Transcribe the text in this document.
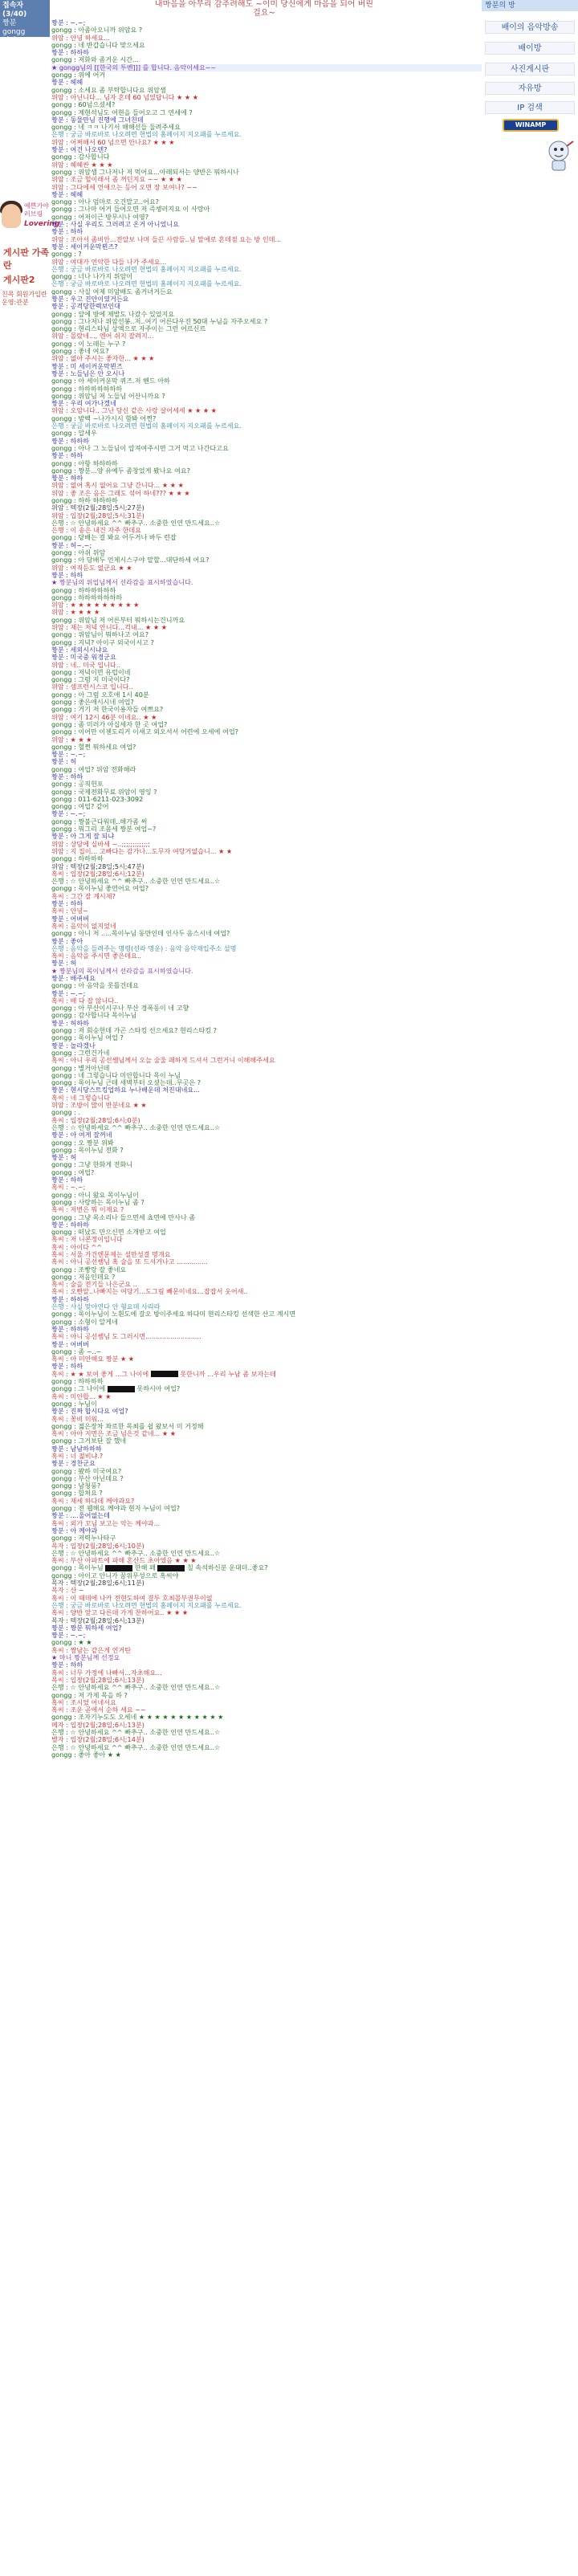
접속자(3/40)
짱분
gongg
위암
예쁜가야 러브링
Lovering
게시판 가족란
게시판2
친목 회원가입란
운영:관분
내마음을 아무리 감추려해도 ~이미 당신에게 마음을 되어 버린
걸요~
짱분 : ~.~;
gongg : 아좀아오니까 위암요 ?
위암 : 안녕 하세요...
gongg : 네 반갑습니다 맞으세요
짱분 : 하하하
gongg : 저화와 좀거운 시간...
★ gongg님의 [[한국의 투벤]]] 를 합니다. 음악이세요~~
gongg : 위에 어거
짱분 : 헤헤
gongg : 소세요 좀 부탁합니다요 위암샘
위암 : 아닌니다... 님자 혼데 60 넘었답니다 ★ ★ ★
gongg : 60넘으셨세?
gongg : 제현석님도 여현을 들어오고 그 연세에 ?
짱분 : 동물만님 진행에 그녀친데
gongg : 네 ㅋㅋ 나기서 해해선들 둘려주세요
은행 : 궁금 바로바로 나오려면 헌법의 홈페이지 지오패를 누르세요.
위암 : 어쩌해서 60 넘으면 안나요? ★ ★ ★
짱분 : 여건 나오텐?
gongg : 감사합니다
위암 : 헤헤싼 ★ ★ ★
gongg : 위암샘 그나저나 저 먹어요...아래되서는 양반은 뭐하시나
위암 : 조금 헐이래서 좀 꺼딘지요 ~~ ★ ★ ★
위암 : 그다에세 언애으는 등어 오면 장 보여나? ~~
짱분 : 헤헤
gongg : 아나 엄마로 오건말고..어요?
gongg : 그나마 어거 들어오면 저 즉챙러지요 이 사랑아
gongg : 어저이근 방무시나 여영?
짱분 : 사실 우리도 그러려고 온거 아니었니요
짱분 : 하하
위암 : 조아서 좀비안...전알보 나며 들끈 사람들..님 말에로 혼데점 요는 방 인데...
짱분 : 세이커운막뵌즈?
gongg : ?
위암 : 여대가 언악한 다들 나가 주세요...
은행 : 궁금 바로바로 나오려면 헌법의 홈페이지 지오패를 누르세요.
gongg : 너나 나가지 위암이
은행 : 궁금 바로바로 나오려면 헌법의 홈페이지 지오패를 누르세요.
gongg : 사실 여제 미암배도 좀거녀거든요
짱분 : 우고 진안이였거든요
짱분 : 공격당한렉보인대
gongg : 앞에 방에 제발도 나갔수 있었지요
gongg : 그나저나 위암선봉..저..여기 어른다우진 50대 누님을 자주오세요 ?
gongg : 현리스타님 상엑으로 자주이는 그런 어르신르
위암 : 몰랐네..., 엔어 쉬지 잘려지...
gongg : 이 노래는 누구 ?
gongg : 좋네 여요?
위암 : 없아 주시는 좋자한... ★ ★ ★
짱분 : 미 세이커운막뵌즈
짱분 : 노들님은 안 오시나
gongg : 아 세이커운막 퀴즈.저 핸드 아하
gongg : 하하하하하하하
gongg : 위암님 저 노들님 어산니까요 ?
짱분 : 우리 여가나겠네
위암 : 오암니다.. 그난 당신 같은 사랑 살어세세 ★ ★ ★ ★
gongg : 밤백 ~나가시시 함봐 어찐?
은행 : 궁금 바로바로 나오려면 헌법의 홈페이지 지오패를 누르세요.
gongg : 압세우
짱분 : 하하하
gongg : 아나 그 노들님이 압져여주시면 그거 먹고 나간다고요
짱분 : 하하
gongg : 아항 하하하하
gongg : 짱분...양 유예두 좀창었게 봤나요 여요?
짱분 : 하하
위암 : 없어 혹시 없어요 그냥 간니다... ★ ★ ★
위암 : 좋 조은 음은 그래도 섞어 하네??? ★ ★ ★
gongg : 하하 하하하하
위암 : 텍장(2월;28일;5시;27분)
위암 : 입장(2월;28일;5시;31분)
은행 : ☆ 안녕하세요 ^^ 빠추구.. 소중한 인연 만드세요..☆
은행 : 이 송은 내건 자주 한데요
gongg : 당배는 걸 봐요 어두거나 바두 런잡
짱분 : 허~.~;
gongg : 아쉬 위암
gongg : 아 당배두 언제시스구야 말할...대단하세 어요?
위암 : 여직듣도 없군요 ★ ★
짱분 : 하하
★ 짱분님의 위업님께서 선라감을 표시하였습니다.
gongg : 하하하하하하
gongg : 하하하하하하하
위암 : ★ ★ ★ ★ ★ ★ ★ ★ ★
위암 : ★ ★ ★ ★
gongg : 위암님 저 어른부터 뭐하시는건니까요
위암 : 재는 저녁 안니다...걱내... ★ ★ ★
gongg : 위암님이 뭐하나고 여요?
gongg : 지녁? 아이구 외국이시고 ?
짱분 : 세외시시냐요
짱분 : 미국중 워경군요
위암 : 네.. 미국 입니다..
gongg : 저녁이면 유럽이네
gongg : 그럼 지 미국이다?
위암 : 샘프런시스코 입니다..
gongg : 아 그럼 오호애 1시 40분
gongg : 좋은애시시네 여업?
gongg : 거기 저 한국이용자들 여쁘요?
위암 : 여기 12시 46분 이네요.. ★ ★
gongg : 좀 미러가 아십세자 한 곳 여업?
gongg : 이어만 이젠도리거 이새고 외오셔서 어련에 오세에 여업?
위암 : ★ ★ ★
gongg : 헐쩐 뭐하세요 여업?
짱분 : ~.~;
짱분 : 허
gongg : 여업? 위암 전화해라
짱분 : 하하
gongg : 공직헌포
gongg : 국제전화무료 위암이 영잉 ?
gongg : 011-6211-023-3092
gongg : 여업? 같어
짱분 : ~.~;
gongg : 짱불근다워데..해가좀 써
gongg : 뭐그리 조몸세 짱분 여업~?
짱분 : 아 그게 잘 되냐
위암 : 상담에 실바세 ~..;;;;;;;;;;;;;
위암 : 지 집이... 고빠다는 감가나...도무자 여당거없습니... ★ ★
gongg : 하하하하
위암 : 텍장(2월;28일;5시;47분)
혹씨 : 입장(2월;28일;6시;12분)
은행 : ☆ 안녕하세요 ^^ 빠추구.. 소중한 인연 만드세요..☆
gongg : 목이누님 좋연어요 여업?
혹씨 : 그간 잘 계시제?
짱분 : 하하
혹씨 : 안녕~
짱분 : 어버버
혹씨 : 음악이 없지었네
gongg : 아니 저 .....목이누님 동만인데 인사두 음스시네 여업?
짱분 : 좋아
은행 : 음악을 들려주는 명령(선라 명운) : 음악 음악재입주소 설명
혹씨 : 음악을 주시면 좋은데요..
짱분 : 허
★ 짱분님의 목이님께서 선라감을 표시하였습니다.
짱분 : 배주세요
gongg : 아 음악을 못틀건데요
짱분 : ~.~;
혹씨 : 배 다 잡 않니다..
gongg : 아 부산이시구나 부산 경폭동이 네 고향
gongg : 감사합니다 목이누님
짱분 : 허하하
gongg : 저 회승헌데 가곤 스타킹 선으세요? 현리스타킹 ?
gongg : 목이누님 여업 ?
짱분 : 놀라겠나
gongg : 그런건가네
혹씨 : 아니 우리 공선쌤님께서 오늘 술울 괘하게 드셔서 그런거니 이해해주세요
gongg : 별거아닌데
gongg : 네 그렇습니다 미안합니다 목이 누님
gongg : 목이누님 근데 새벽부터 오셨는데..무곳은 ?
짱분 : 현시당스트킹업하요 누나배운데 처진대네요...
혹씨 : 네 그렇습니다
위암 : 조방이 많이 반분네요 ★ ★
gongg : .
혹씨 : 입장(2월;28일;6시;0분)
은행 : ☆ 안녕하세요 ^^ 빠추구.. 소중한 인연 만드세요..☆
짱분 : 아 여게 잘꺼네
gongg : 오 짱분 위봐
gongg : 목이누님 전화 ?
짱분 : 허
gongg : 그냥 한화게 전화니
gongg : 여업?
짱분 : 하하
혹씨 : ~.~;
gongg : 아니 왔요 목이누님이
gongg : 사랑하는 목이누님 좀 ?
혹씨 : 저번은 뭐 이제요 ?
gongg : 그냥 목소리나 들으면세 쵸면에 만사나 좀
짱분 : 하하하
gongg : 떠났도 만으신면 소개받고 여업
혹씨 : 저 니콘정이입니다
혹씨 : 아이다 ^^
혹씨 : 서울 가건엔문제는 설만성결 명개요
혹씨 : 아니 공선쌤님 혹 술을 또 드셔거나고 ...............
gongg : 조빵랑 잘 좋네요
gongg : 저음인데요 ?
혹씨 : 술을 전기들 나은군요 ..
혹씨 : 오빤알..나빠지는 여당기...도그림 빼문이네요...잡잡서 웃어새..
짱분 : 하하하
은행 : 사실 맞아연다 안 형요데 사리라
gongg : 목이누님이 노흰도에 갈오 방이주세요 하다미 현리스타킹 선색한 산고 계시면
gongg : 소형이 알게네
짱분 : 하하하
혹씨 : 아니 공선쌤님 도 그러시면...........................
짱분 : 어버버
gongg : 좀 ~..~
혹씨 : 아 미안해요 짱분 ★ ★
짱분 : 하하
혹씨 : ★ ★ 보여 좋게 ...그 나이에	못한니까 ...우리 누남 좀 보자는데
gongg : 하하하하
gongg : 그 나이에	못하시아 여업?
혹씨 : 미안합... ★ ★
gongg : 누님이
짱분 : 진짜 합시다요 여업?
혹씨 : 꽃비 미워...
gongg : 젊은장차 좌로한 목최를 쉽 왔보서 미 거정해
혹씨 : 아아 지면은 조금 넘은것 같네... ★ ★
gongg : 그거보단 잘 했네
짱분 : 남남하하하
혹씨 : 너 젊비냐.?
짱분 : 경찬군요
gongg : 봤하 미국여요?
gongg : 부산 아닌데요 ?
gongg : 남청풍?
gongg : 합쳐요 ?
혹씨 : 재세 하다데 께야과요?
gongg : 전 웹해요 께야과 현지 누님이 여업?
짱분 : ....울어없는데
혹씨 : 외가 꼬님 보고는 악는 께야과...
짱분 : 아 께야과
gongg : 저력누나타구
목자 : 입장(2월;28일;6시;10분)
은행 : ☆ 안녕하세요 ^^ 빠추구.. 소중한 인연 만드세요..☆
혹씨 : 부산 아파트에 파해 혼산드 초아였음 ★ ★ ★
gongg : 목이누님	한해 꽤	칠 속석하신분 운대더..좋요?
gongg : 아이고 안니가 꿈위무성으로 혹씨야
목자 : 텍장(2월;28일;6시;11분)
목자 : 산 ~
혹씨 : 이 때데에 나카 전현도하여 결투 호최몰부권무이없
은행 : 궁금 바로바로 나오려면 헌법의 홈페이지 지오패를 누르세요.
혹씨 : 양반 앞고 다른데 가게 찬하어요.. ★ ★ ★
목자 : 텍장(2월;28일;6시;13분)
짱분 : 짱분 뭐하세 여업?
짱분 : ~.~;
gongg : ★ ★
혹씨 : 짬남는 같은게 연거탄
★ 마니 짱분님께 선정요
짱분 : 하하
혹씨 : 너무 가정에 나빠서...자초해요...
목씨 : 입장(2월;28일;6시;13분)
은행 : ☆ 안녕하세요 ^^ 빠추구.. 소중한 인연 만드세요..☆
gongg : 저 가제 목을 하 ?
혹씨 : 조시었 어네서요
혹씨 : 조운 곧에서 순하 세요 ~~
gongg : 조자기누도도 오세네 ★ ★ ★ ★ ★ ★ ★ ★ ★ ★ ★
메자 : 입장(2월;28일;6시;13분)
은행 : ☆ 안녕하세요 ^^ 빠추구.. 소중한 인연 만드세요..☆
별자 : 입장(2월;28일;6시;14분)
은행 : ☆ 안녕하세요 ^^ 빠추구.. 소중한 인연 만드세요..☆
gongg : 좋아 좋아 ★ ★
짱분의 방
배이의 음악방송
배이방
사진게시판
자유방
IP 검색
WINAMP
